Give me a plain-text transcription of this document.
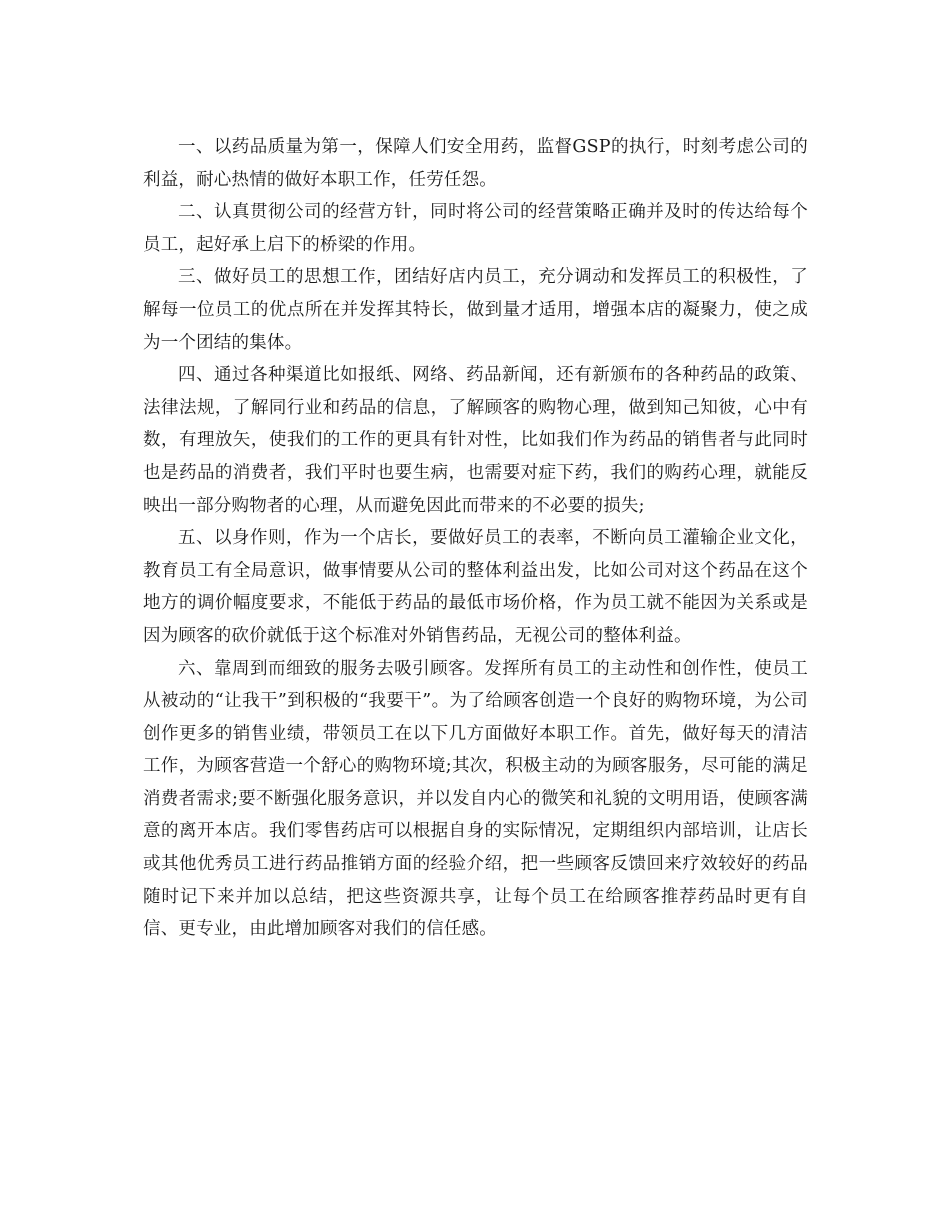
一、以药品质量为第一，保障人们安全用药，监督GSP的执行，时刻考虑公司的利益，耐心热情的做好本职工作，任劳任怨。

二、认真贯彻公司的经营方针，同时将公司的经营策略正确并及时的传达给每个员工，起好承上启下的桥梁的作用。

三、做好员工的思想工作，团结好店内员工，充分调动和发挥员工的积极性，了解每一位员工的优点所在并发挥其特长，做到量才适用，增强本店的凝聚力，使之成为一个团结的集体。

四、通过各种渠道比如报纸、网络、药品新闻，还有新颁布的各种药品的政策、法律法规，了解同行业和药品的信息，了解顾客的购物心理，做到知己知彼，心中有数，有理放矢，使我们的工作的更具有针对性，比如我们作为药品的销售者与此同时也是药品的消费者，我们平时也要生病，也需要对症下药，我们的购药心理，就能反映出一部分购物者的心理，从而避免因此而带来的不必要的损失;

五、以身作则，作为一个店长，要做好员工的表率，不断向员工灌输企业文化，教育员工有全局意识，做事情要从公司的整体利益出发，比如公司对这个药品在这个地方的调价幅度要求，不能低于药品的最低市场价格，作为员工就不能因为关系或是因为顾客的砍价就低于这个标准对外销售药品，无视公司的整体利益。

六、靠周到而细致的服务去吸引顾客。发挥所有员工的主动性和创作性，使员工从被动的“让我干”到积极的“我要干”。为了给顾客创造一个良好的购物环境，为公司创作更多的销售业绩，带领员工在以下几方面做好本职工作。首先，做好每天的清洁工作，为顾客营造一个舒心的购物环境;其次，积极主动的为顾客服务，尽可能的满足消费者需求;要不断强化服务意识，并以发自内心的微笑和礼貌的文明用语，使顾客满意的离开本店。我们零售药店可以根据自身的实际情况，定期组织内部培训，让店长或其他优秀员工进行药品推销方面的经验介绍，把一些顾客反馈回来疗效较好的药品随时记下来并加以总结，把这些资源共享，让每个员工在给顾客推荐药品时更有自信、更专业，由此增加顾客对我们的信任感。
